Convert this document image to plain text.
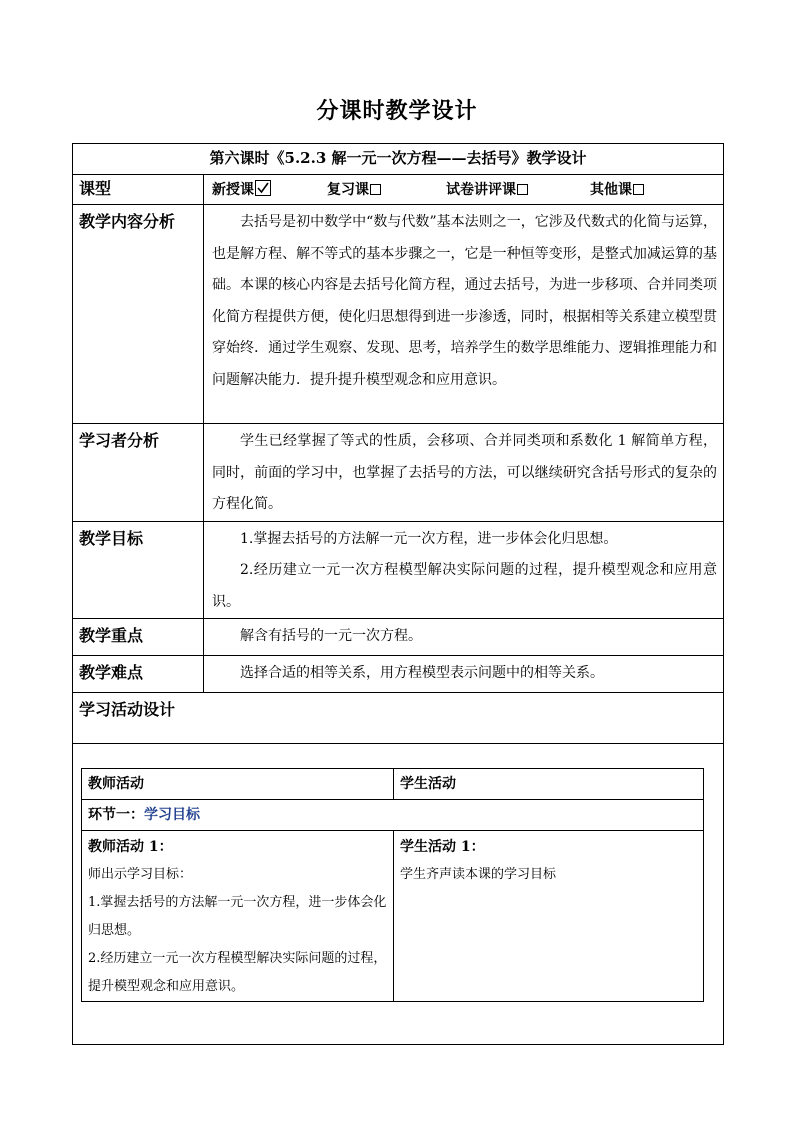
分课时教学设计
第六课时《5.2.3 解一元一次方程——去括号》教学设计
课型	新授课	复习课	试卷讲评课	其他课

教学内容分析	去括号是初中数学中“数与代数”基本法则之一，它涉及代数式的化简与运算，也是解方程、解不等式的基本步骤之一，它是一种恒等变形，是整式加减运算的基础。本课的核心内容是去括号化简方程，通过去括号，为进一步移项、合并同类项化简方程提供方便，使化归思想得到进一步渗透，同时，根据相等关系建立模型贯穿始终．通过学生观察、发现、思考，培养学生的数学思维能力、逻辑推理能力和问题解决能力．提升提升模型观念和应用意识。

学习者分析	学生已经掌握了等式的性质，会移项、合并同类项和系数化 1 解简单方程，同时，前面的学习中，也掌握了去括号的方法，可以继续研究含括号形式的复杂的方程化简。

教学目标	1.掌握去括号的方法解一元一次方程，进一步体会化归思想。

2.经历建立一元一次方程模型解决实际问题的过程，提升模型观念和应用意识。

教学重点	解含有括号的一元一次方程。

教学难点	选择合适的相等关系，用方程模型表示问题中的相等关系。

学习活动设计

教师活动	学生活动
环节一：学习目标

教师活动 1：

师出示学习目标：

1.掌握去括号的方法解一元一次方程，进一步体会化归思想。

2.经历建立一元一次方程模型解决实际问题的过程，提升模型观念和应用意识。

学生活动 1：

学生齐声读本课的学习目标
